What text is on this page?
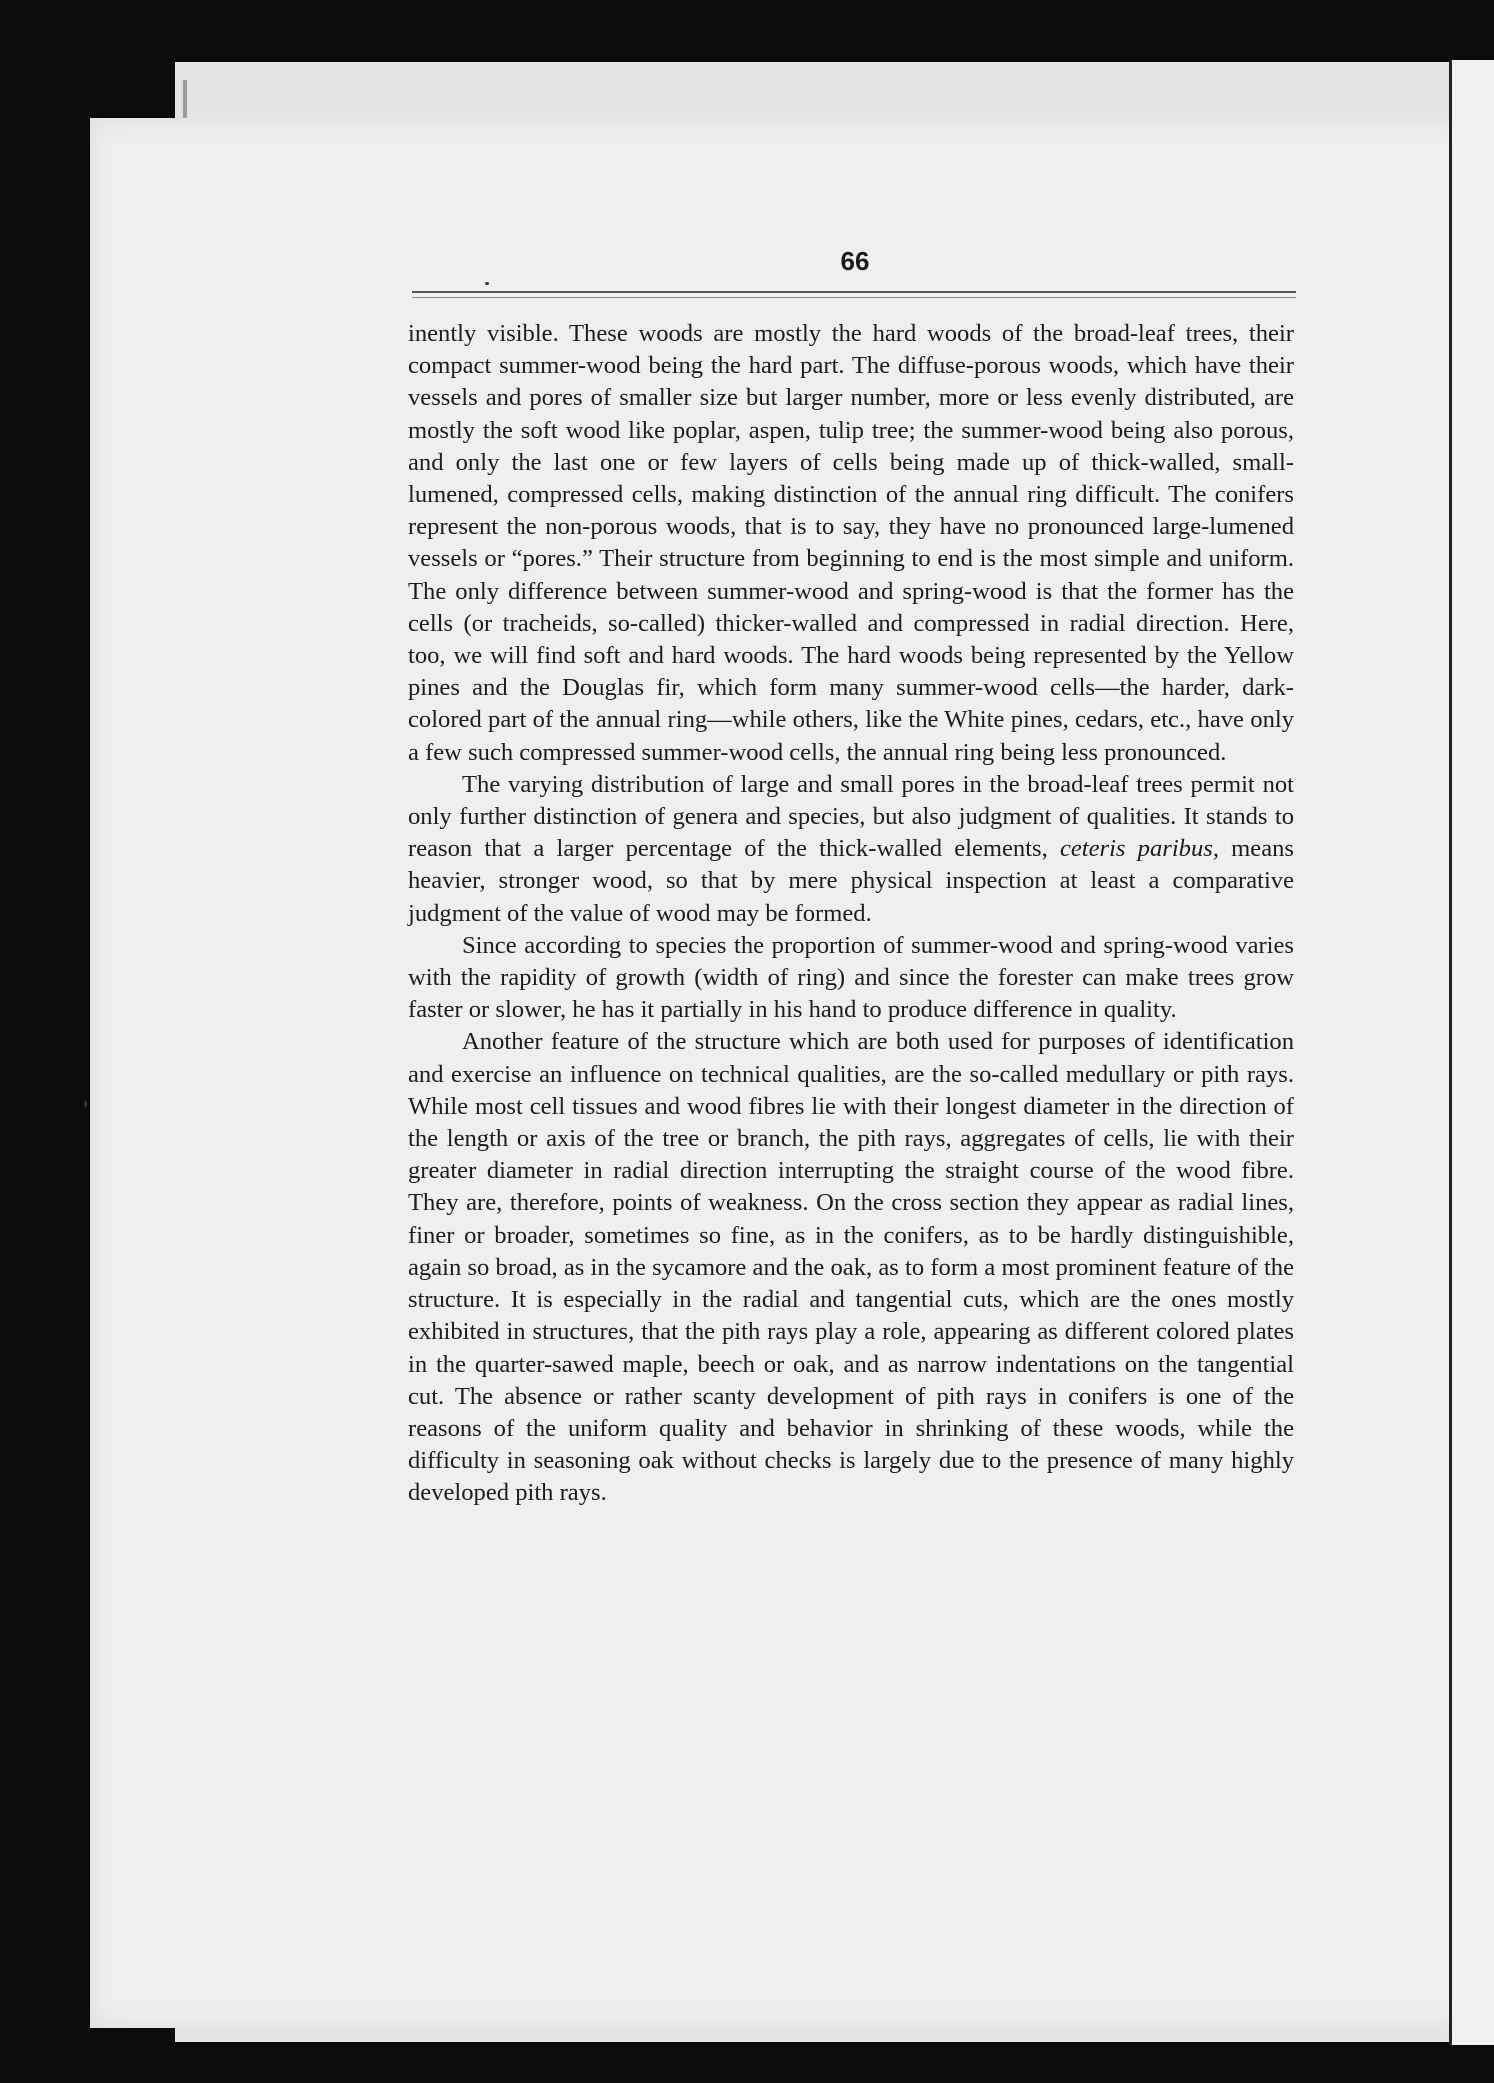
66

inently visible. These woods are mostly the hard woods of the broad-leaf trees, their compact summer-wood being the hard part. The diffuse-porous woods, which have their vessels and pores of smaller size but larger number, more or less evenly distributed, are mostly the soft wood like poplar, aspen, tulip tree; the summer-wood being also porous, and only the last one or few layers of cells being made up of thick-walled, small-lumened, compressed cells, making distinction of the annual ring difficult. The conifers represent the non-porous woods, that is to say, they have no pronounced large-lumened vessels or “pores.” Their structure from beginning to end is the most simple and uniform. The only difference between summer-wood and spring-wood is that the former has the cells (or tracheids, so-called) thicker-walled and compressed in radial direction. Here, too, we will find soft and hard woods. The hard woods being represented by the Yellow pines and the Douglas fir, which form many summer-wood cells—the harder, dark-colored part of the annual ring—while others, like the White pines, cedars, etc., have only a few such compressed summer-wood cells, the annual ring being less pronounced.

The varying distribution of large and small pores in the broad-leaf trees permit not only further distinction of genera and species, but also judgment of qualities. It stands to reason that a larger percentage of the thick-walled elements, ceteris paribus, means heavier, stronger wood, so that by mere physical inspection at least a comparative judgment of the value of wood may be formed.

Since according to species the proportion of summer-wood and spring-wood varies with the rapidity of growth (width of ring) and since the forester can make trees grow faster or slower, he has it partially in his hand to produce difference in quality.

Another feature of the structure which are both used for purposes of identification and exercise an influence on technical qualities, are the so-called medullary or pith rays. While most cell tissues and wood fibres lie with their longest diameter in the direction of the length or axis of the tree or branch, the pith rays, aggregates of cells, lie with their greater diameter in radial direction interrupting the straight course of the wood fibre. They are, therefore, points of weakness. On the cross section they appear as radial lines, finer or broader, sometimes so fine, as in the conifers, as to be hardly distinguishible, again so broad, as in the sycamore and the oak, as to form a most prominent feature of the structure. It is especially in the radial and tangential cuts, which are the ones mostly exhibited in structures, that the pith rays play a role, appearing as different colored plates in the quarter-sawed maple, beech or oak, and as narrow indentations on the tangential cut. The absence or rather scanty development of pith rays in conifers is one of the reasons of the uniform quality and behavior in shrinking of these woods, while the difficulty in seasoning oak without checks is largely due to the presence of many highly developed pith rays.
